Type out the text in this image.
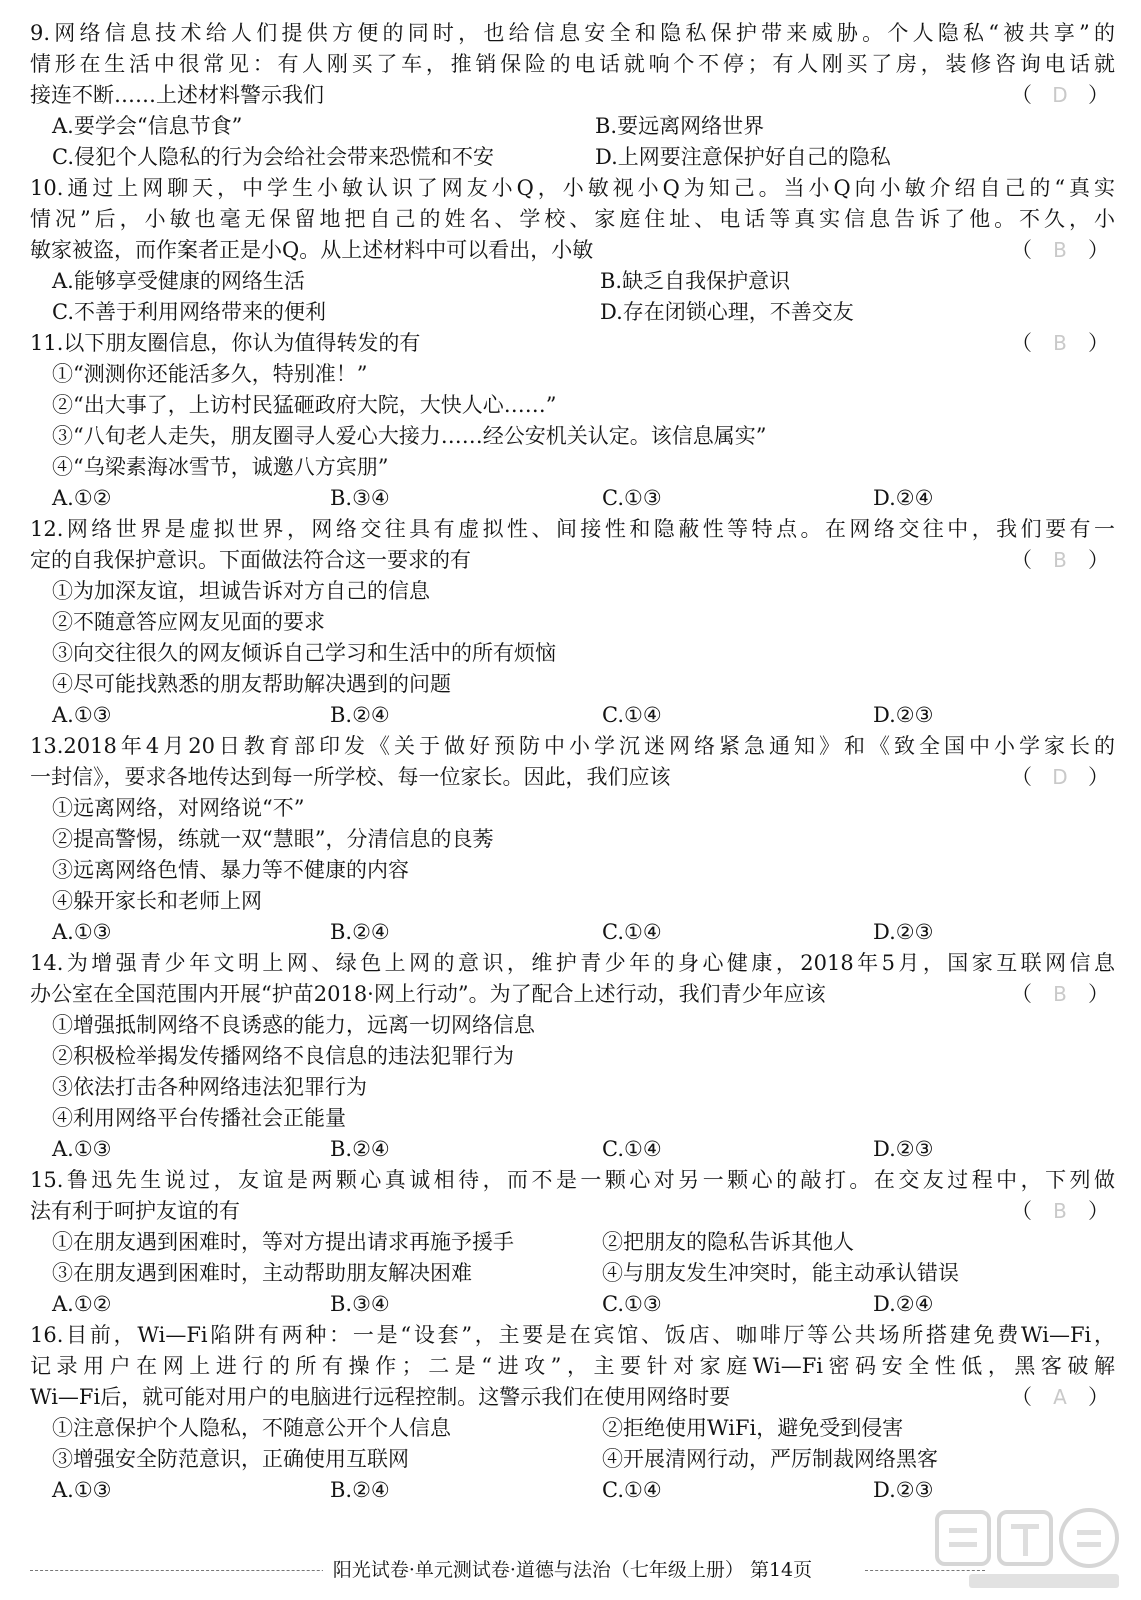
9.网络信息技术给人们提供方便的同时，也给信息安全和隐私保护带来威胁。个人隐私“被共享”的
情形在生活中很常见：有人刚买了车，推销保险的电话就响个不停；有人刚买了房，装修咨询电话就
接连不断……上述材料警示我们	（ D ）
A.要学会“信息节食”	B.要远离网络世界
C.侵犯个人隐私的行为会给社会带来恐慌和不安	D.上网要注意保护好自己的隐私
10.通过上网聊天，中学生小敏认识了网友小Q，小敏视小Q为知己。当小Q向小敏介绍自己的“真实
情况”后，小敏也毫无保留地把自己的姓名、学校、家庭住址、电话等真实信息告诉了他。不久，小
敏家被盗，而作案者正是小Q。从上述材料中可以看出，小敏	（ B ）
A.能够享受健康的网络生活	B.缺乏自我保护意识
C.不善于利用网络带来的便利	D.存在闭锁心理，不善交友
11.以下朋友圈信息，你认为值得转发的有	（ B ）
①“测测你还能活多久，特别准！”
②“出大事了，上访村民猛砸政府大院，大快人心……”
③“八旬老人走失，朋友圈寻人爱心大接力……经公安机关认定。该信息属实”
④“乌梁素海冰雪节，诚邀八方宾朋”
A.①②	B.③④	C.①③	D.②④
12.网络世界是虚拟世界，网络交往具有虚拟性、间接性和隐蔽性等特点。在网络交往中，我们要有一
定的自我保护意识。下面做法符合这一要求的有	（ B ）
①为加深友谊，坦诚告诉对方自己的信息
②不随意答应网友见面的要求
③向交往很久的网友倾诉自己学习和生活中的所有烦恼
④尽可能找熟悉的朋友帮助解决遇到的问题
A.①③	B.②④	C.①④	D.②③
13.2018年4月20日教育部印发《关于做好预防中小学沉迷网络紧急通知》和《致全国中小学家长的
一封信》，要求各地传达到每一所学校、每一位家长。因此，我们应该	（ D ）
①远离网络，对网络说“不”
②提高警惕，练就一双“慧眼”，分清信息的良莠
③远离网络色情、暴力等不健康的内容
④躲开家长和老师上网
A.①③	B.②④	C.①④	D.②③
14.为增强青少年文明上网、绿色上网的意识，维护青少年的身心健康，2018年5月，国家互联网信息
办公室在全国范围内开展“护苗2018·网上行动”。为了配合上述行动，我们青少年应该	（ B ）
①增强抵制网络不良诱惑的能力，远离一切网络信息
②积极检举揭发传播网络不良信息的违法犯罪行为
③依法打击各种网络违法犯罪行为
④利用网络平台传播社会正能量
A.①③	B.②④	C.①④	D.②③
15.鲁迅先生说过，友谊是两颗心真诚相待，而不是一颗心对另一颗心的敲打。在交友过程中，下列做
法有利于呵护友谊的有	（ B ）
①在朋友遇到困难时，等对方提出请求再施予援手	②把朋友的隐私告诉其他人
③在朋友遇到困难时，主动帮助朋友解决困难	④与朋友发生冲突时，能主动承认错误
A.①②	B.③④	C.①③	D.②④
16.目前，Wi—Fi陷阱有两种：一是“设套”，主要是在宾馆、饭店、咖啡厅等公共场所搭建免费Wi—Fi，
记录用户在网上进行的所有操作；二是“进攻”，主要针对家庭Wi—Fi密码安全性低，黑客破解
Wi—Fi后，就可能对用户的电脑进行远程控制。这警示我们在使用网络时要	（ A ）
①注意保护个人隐私，不随意公开个人信息	②拒绝使用WiFi，避免受到侵害
③增强安全防范意识，正确使用互联网	④开展清网行动，严厉制裁网络黑客
A.①③	B.②④	C.①④	D.②③
阳光试卷·单元测试卷·道德与法治（七年级上册） 第14页
